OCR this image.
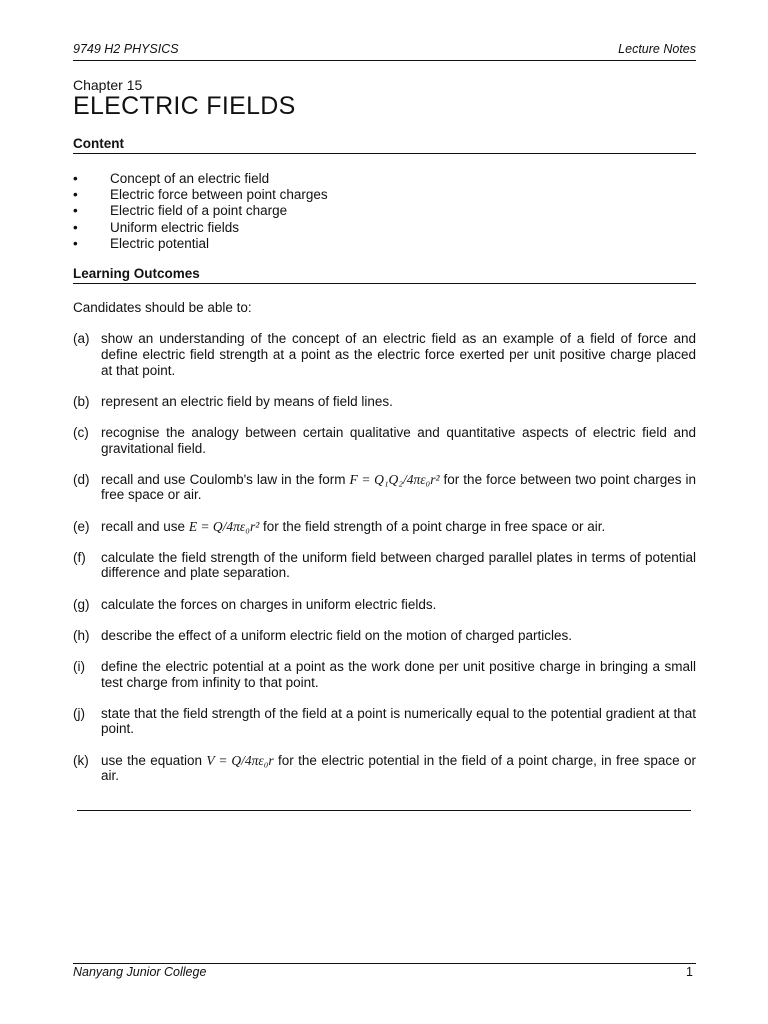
9749 H2 PHYSICS	Lecture Notes
Chapter 15
ELECTRIC FIELDS
Content
• Concept of an electric field
• Electric force between point charges
• Electric field of a point charge
• Uniform electric fields
• Electric potential
Learning Outcomes
Candidates should be able to:
(a) show an understanding of the concept of an electric field as an example of a field of force and define electric field strength at a point as the electric force exerted per unit positive charge placed at that point.
(b) represent an electric field by means of field lines.
(c) recognise the analogy between certain qualitative and quantitative aspects of electric field and gravitational field.
(d) recall and use Coulomb's law in the form F = Q₁Q₂/4πε₀r² for the force between two point charges in free space or air.
(e) recall and use E = Q/4πε₀r² for the field strength of a point charge in free space or air.
(f) calculate the field strength of the uniform field between charged parallel plates in terms of potential difference and plate separation.
(g) calculate the forces on charges in uniform electric fields.
(h) describe the effect of a uniform electric field on the motion of charged particles.
(i) define the electric potential at a point as the work done per unit positive charge in bringing a small test charge from infinity to that point.
(j) state that the field strength of the field at a point is numerically equal to the potential gradient at that point.
(k) use the equation V = Q/4πε₀r for the electric potential in the field of a point charge, in free space or air.
Nanyang Junior College	1
